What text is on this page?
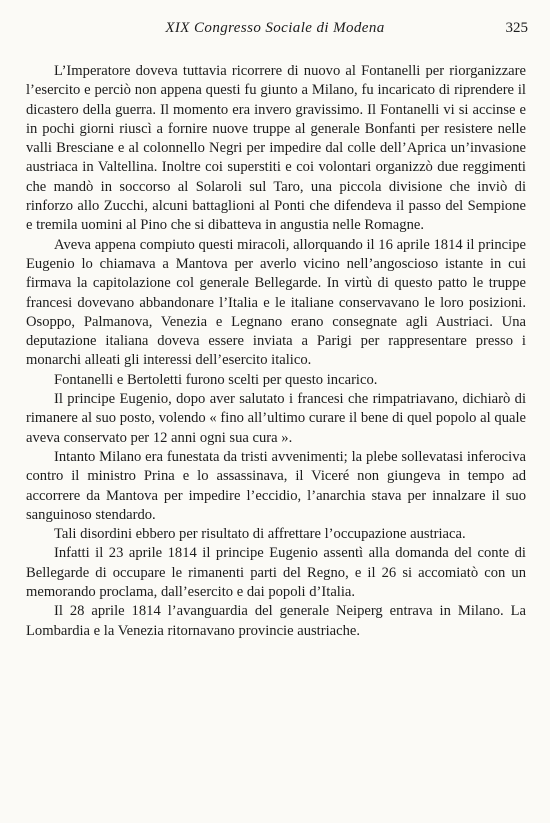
XIX Congresso Sociale di Modena	325

L’Imperatore doveva tuttavia ricorrere di nuovo al Fontanelli per riorganizzare l’esercito e perciò non appena questi fu giunto a Milano, fu incaricato di riprendere il dicastero della guerra. Il momento era invero gravissimo. Il Fontanelli vi si accinse e in pochi giorni riuscì a fornire nuove truppe al generale Bonfanti per resistere nelle valli Bresciane e al colonnello Negri per impedire dal colle dell’Aprica un’invasione austriaca in Valtellina. Inoltre coi superstiti e coi volontari organizzò due reggimenti che mandò in soccorso al Solaroli sul Taro, una piccola divisione che inviò di rinforzo allo Zucchi, alcuni battaglioni al Ponti che difendeva il passo del Sempione e tremila uomini al Pino che si dibatteva in angustia nelle Romagne.

Aveva appena compiuto questi miracoli, allorquando il 16 aprile 1814 il principe Eugenio lo chiamava a Mantova per averlo vicino nell’angoscioso istante in cui firmava la capitolazione col generale Bellegarde. In virtù di questo patto le truppe francesi dovevano abbandonare l’Italia e le italiane conservavano le loro posizioni. Osoppo, Palmanova, Venezia e Legnano erano consegnate agli Austriaci. Una deputazione italiana doveva essere inviata a Parigi per rappresentare presso i monarchi alleati gli interessi dell’esercito italico.

Fontanelli e Bertoletti furono scelti per questo incarico.

Il principe Eugenio, dopo aver salutato i francesi che rimpatriavano, dichiarò di rimanere al suo posto, volendo « fino all’ultimo curare il bene di quel popolo al quale aveva conservato per 12 anni ogni sua cura ».

Intanto Milano era funestata da tristi avvenimenti; la plebe sollevatasi inferociva contro il ministro Prina e lo assassinava, il Viceré non giungeva in tempo ad accorrere da Mantova per impedire l’eccidio, l’anarchia stava per innalzare il suo sanguinoso stendardo.

Tali disordini ebbero per risultato di affrettare l’occupazione austriaca.

Infatti il 23 aprile 1814 il principe Eugenio assentì alla domanda del conte di Bellegarde di occupare le rimanenti parti del Regno, e il 26 si accomiatò con un memorando proclama, dall’esercito e dai popoli d’Italia.

Il 28 aprile 1814 l’avanguardia del generale Neiperg entrava in Milano. La Lombardia e la Venezia ritornavano provincie austriache.
